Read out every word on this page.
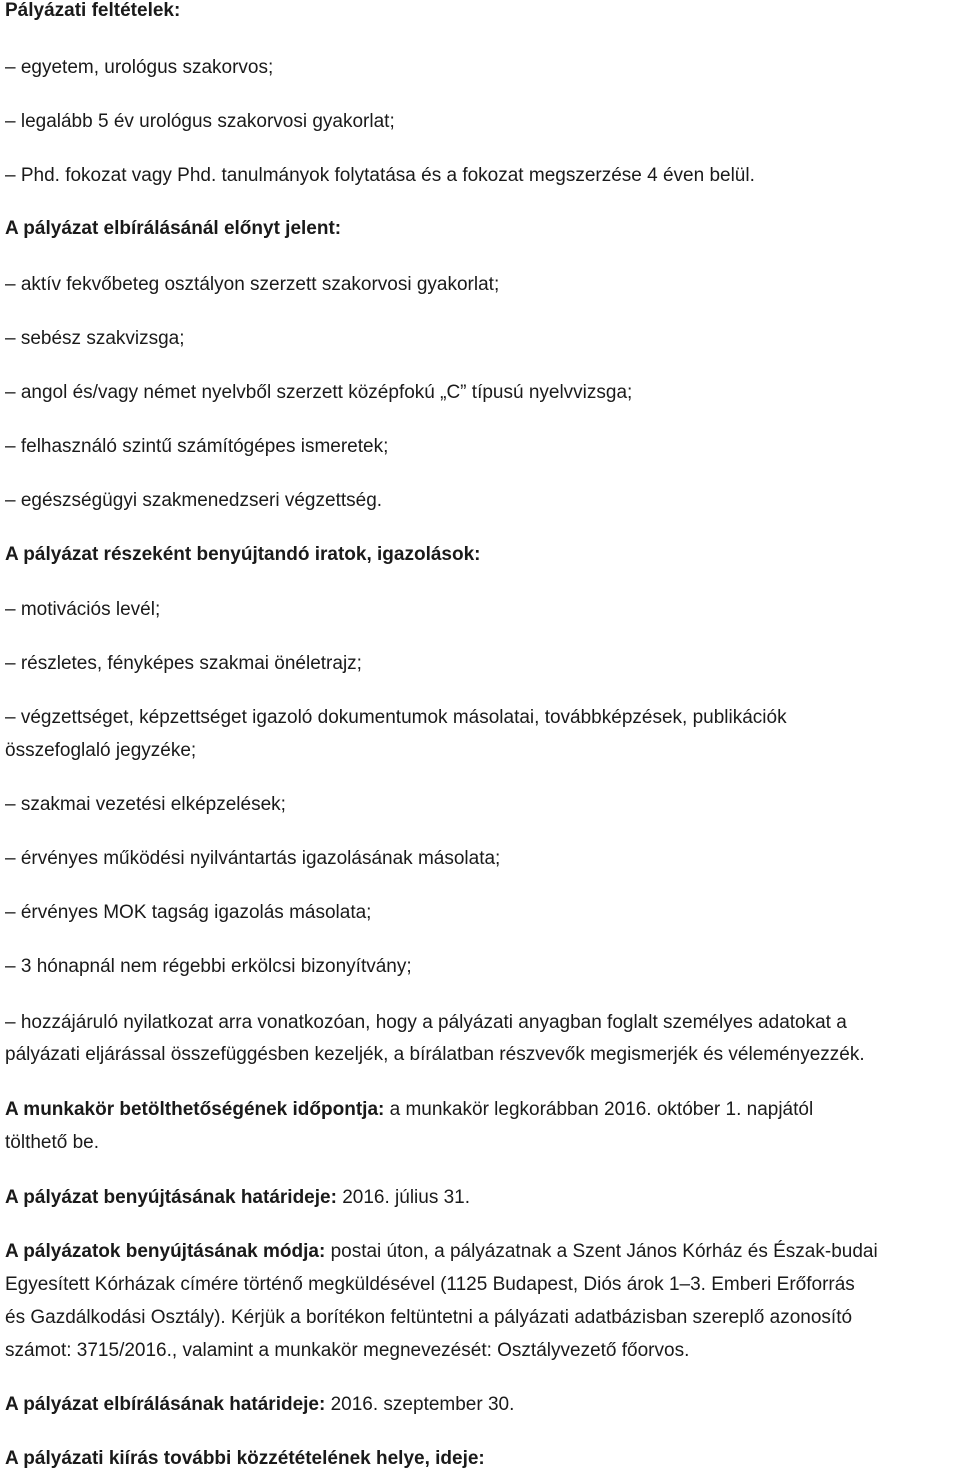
Pályázati feltételek:
– egyetem, urológus szakorvos;
– legalább 5 év urológus szakorvosi gyakorlat;
– Phd. fokozat vagy Phd. tanulmányok folytatása és a fokozat megszerzése 4 éven belül.
A pályázat elbírálásánál előnyt jelent:
– aktív fekvőbeteg osztályon szerzett szakorvosi gyakorlat;
– sebész szakvizsga;
– angol és/vagy német nyelvből szerzett középfokú „C” típusú nyelvvizsga;
– felhasználó szintű számítógépes ismeretek;
– egészségügyi szakmenedzseri végzettség.
A pályázat részeként benyújtandó iratok, igazolások:
– motivációs levél;
– részletes, fényképes szakmai önéletrajz;
– végzettséget, képzettséget igazoló dokumentumok másolatai, továbbképzések, publikációk
összefoglaló jegyzéke;
– szakmai vezetési elképzelések;
– érvényes működési nyilvántartás igazolásának másolata;
– érvényes MOK tagság igazolás másolata;
– 3 hónapnál nem régebbi erkölcsi bizonyítvány;
– hozzájáruló nyilatkozat arra vonatkozóan, hogy a pályázati anyagban foglalt személyes adatokat a
pályázati eljárással összefüggésben kezeljék, a bírálatban részvevők megismerjék és véleményezzék.
A munkakör betölthetőségének időpontja: a munkakör legkorábban 2016. október 1. napjától
tölthető be.
A pályázat benyújtásának határideje: 2016. július 31.
A pályázatok benyújtásának módja: postai úton, a pályázatnak a Szent János Kórház és Észak-budai
Egyesített Kórházak címére történő megküldésével (1125 Budapest, Diós árok 1–3. Emberi Erőforrás
és Gazdálkodási Osztály). Kérjük a borítékon feltüntetni a pályázati adatbázisban szereplő azonosító
számot: 3715/2016., valamint a munkakör megnevezését: Osztályvezető főorvos.
A pályázat elbírálásának határideje: 2016. szeptember 30.
A pályázati kiírás további közzétételének helye, ideje:
